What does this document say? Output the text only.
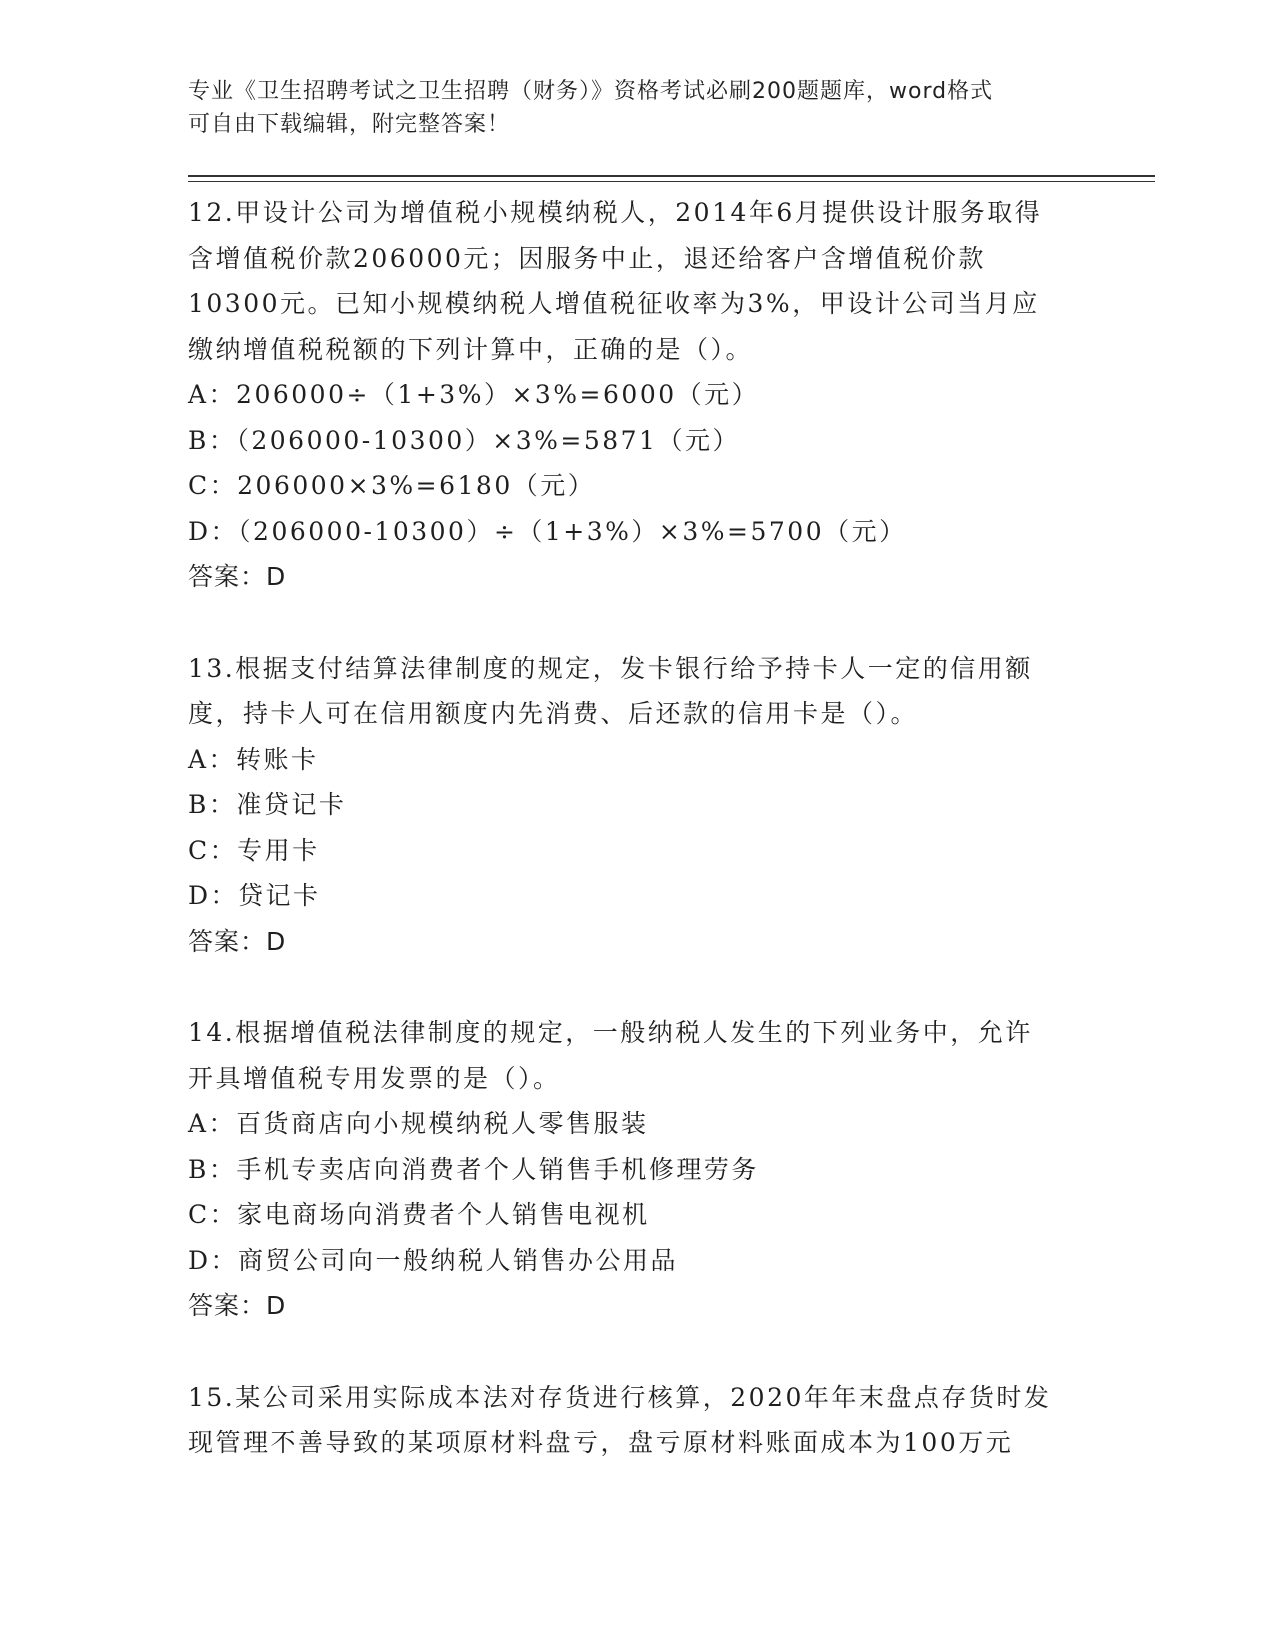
专业《卫生招聘考试之卫生招聘（财务）》资格考试必刷200题题库，word格式
可自由下载编辑，附完整答案！
12.甲设计公司为增值税小规模纳税人，2014年6月提供设计服务取得
含增值税价款206000元；因服务中止，退还给客户含增值税价款
10300元。已知小规模纳税人增值税征收率为3%，甲设计公司当月应
缴纳增值税税额的下列计算中，正确的是（）。
A：206000÷（1+3%）×3%=6000（元）
B：（206000-10300）×3%=5871（元）
C：206000×3%=6180（元）
D：（206000-10300）÷（1+3%）×3%=5700（元）
答案：D
13.根据支付结算法律制度的规定，发卡银行给予持卡人一定的信用额
度，持卡人可在信用额度内先消费、后还款的信用卡是（）。
A：转账卡
B：准贷记卡
C：专用卡
D：贷记卡
答案：D
14.根据增值税法律制度的规定，一般纳税人发生的下列业务中，允许
开具增值税专用发票的是（）。
A：百货商店向小规模纳税人零售服装
B：手机专卖店向消费者个人销售手机修理劳务
C：家电商场向消费者个人销售电视机
D：商贸公司向一般纳税人销售办公用品
答案：D
15.某公司采用实际成本法对存货进行核算，2020年年末盘点存货时发
现管理不善导致的某项原材料盘亏，盘亏原材料账面成本为100万元
